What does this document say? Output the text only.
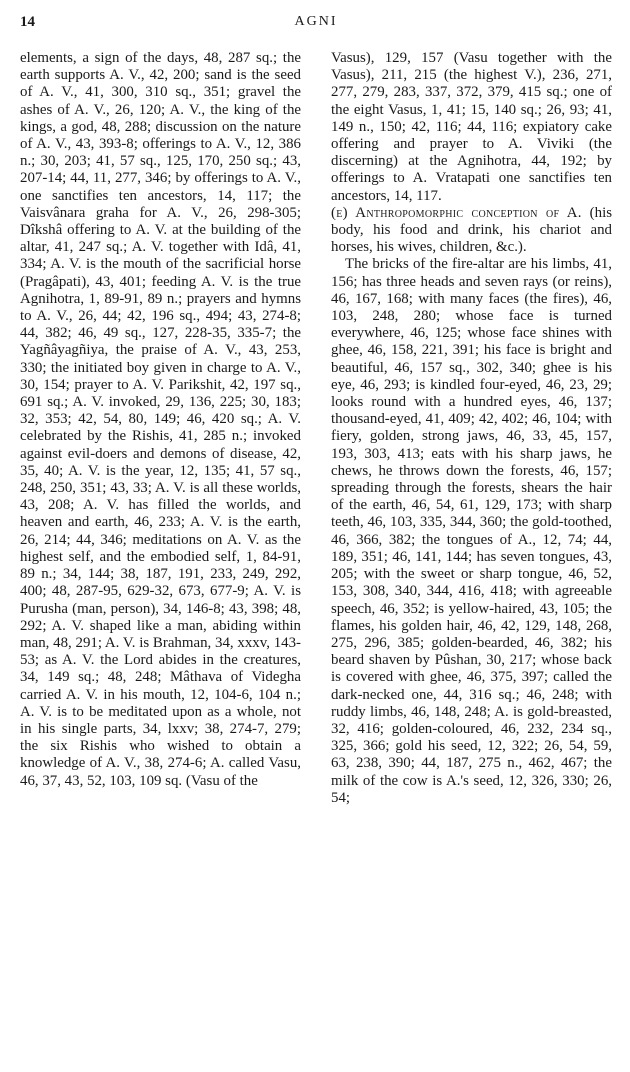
14	AGNI

elements, a sign of the days, 48, 287 sq.; the earth supports A. V., 42, 200; sand is the seed of A. V., 41, 300, 310 sq., 351; gravel the ashes of A. V., 26, 120; A. V., the king of the kings, a god, 48, 288; discussion on the nature of A. V., 43, 393-8; offerings to A. V., 12, 386 n.; 30, 203; 41, 57 sq., 125, 170, 250 sq.; 43, 207-14; 44, 11, 277, 346; by offerings to A. V., one sanctifies ten ancestors, 14, 117; the Vaisvânara graha for A. V., 26, 298-305; Dîkshâ offering to A. V. at the building of the altar, 41, 247 sq.; A. V. together with Idâ, 41, 334; A. V. is the mouth of the sacrificial horse (Pragâpati), 43, 401; feeding A. V. is the true Agnihotra, 1, 89-91, 89 n.; prayers and hymns to A. V., 26, 44; 42, 196 sq., 494; 43, 274-8; 44, 382; 46, 49 sq., 127, 228-35, 335-7; the Yagñâyagñiya, the praise of A. V., 43, 253, 330; the initiated boy given in charge to A. V., 30, 154; prayer to A. V. Parikshit, 42, 197 sq., 691 sq.; A. V. invoked, 29, 136, 225; 30, 183; 32, 353; 42, 54, 80, 149; 46, 420 sq.; A. V. celebrated by the Rishis, 41, 285 n.; invoked against evil-doers and demons of disease, 42, 35, 40; A. V. is the year, 12, 135; 41, 57 sq., 248, 250, 351; 43, 33; A. V. is all these worlds, 43, 208; A. V. has filled the worlds, and heaven and earth, 46, 233; A. V. is the earth, 26, 214; 44, 346; meditations on A. V. as the highest self, and the embodied self, 1, 84-91, 89 n.; 34, 144; 38, 187, 191, 233, 249, 292, 400; 48, 287-95, 629-32, 673, 677-9; A. V. is Purusha (man, person), 34, 146-8; 43, 398; 48, 292; A. V. shaped like a man, abiding within man, 48, 291; A. V. is Brahman, 34, xxxv, 143-53; as A. V. the Lord abides in the creatures, 34, 149 sq.; 48, 248; Mâthava of Videgha carried A. V. in his mouth, 12, 104-6, 104 n.; A. V. is to be meditated upon as a whole, not in his single parts, 34, lxxv; 38, 274-7, 279; the six Rishis who wished to obtain a knowledge of A. V., 38, 274-6; A. called Vasu, 46, 37, 43, 52, 103, 109 sq. (Vasu of the

Vasus), 129, 157 (Vasu together with the Vasus), 211, 215 (the highest V.), 236, 271, 277, 279, 283, 337, 372, 379, 415 sq.; one of the eight Vasus, 1, 41; 15, 140 sq.; 26, 93; 41, 149 n., 150; 42, 116; 44, 116; expiatory cake offering and prayer to A. Viviki (the discerning) at the Agnihotra, 44, 192; by offerings to A. Vratapati one sanctifies ten ancestors, 14, 117.

(e) Anthropomorphic conception of A. (his body, his food and drink, his chariot and horses, his wives, children, &c.).

The bricks of the fire-altar are his limbs, 41, 156; has three heads and seven rays (or reins), 46, 167, 168; with many faces (the fires), 46, 103, 248, 280; whose face is turned everywhere, 46, 125; whose face shines with ghee, 46, 158, 221, 391; his face is bright and beautiful, 46, 157 sq., 302, 340; ghee is his eye, 46, 293; is kindled four-eyed, 46, 23, 29; looks round with a hundred eyes, 46, 137; thousand-eyed, 41, 409; 42, 402; 46, 104; with fiery, golden, strong jaws, 46, 33, 45, 157, 193, 303, 413; eats with his sharp jaws, he chews, he throws down the forests, 46, 157; spreading through the forests, shears the hair of the earth, 46, 54, 61, 129, 173; with sharp teeth, 46, 103, 335, 344, 360; the gold-toothed, 46, 366, 382; the tongues of A., 12, 74; 44, 189, 351; 46, 141, 144; has seven tongues, 43, 205; with the sweet or sharp tongue, 46, 52, 153, 308, 340, 344, 416, 418; with agreeable speech, 46, 352; is yellow-haired, 43, 105; the flames, his golden hair, 46, 42, 129, 148, 268, 275, 296, 385; golden-bearded, 46, 382; his beard shaven by Pûshan, 30, 217; whose back is covered with ghee, 46, 375, 397; called the dark-necked one, 44, 316 sq.; 46, 248; with ruddy limbs, 46, 148, 248; A. is gold-breasted, 32, 416; golden-coloured, 46, 232, 234 sq., 325, 366; gold his seed, 12, 322; 26, 54, 59, 63, 238, 390; 44, 187, 275 n., 462, 467; the milk of the cow is A.'s seed, 12, 326, 330; 26, 54;
